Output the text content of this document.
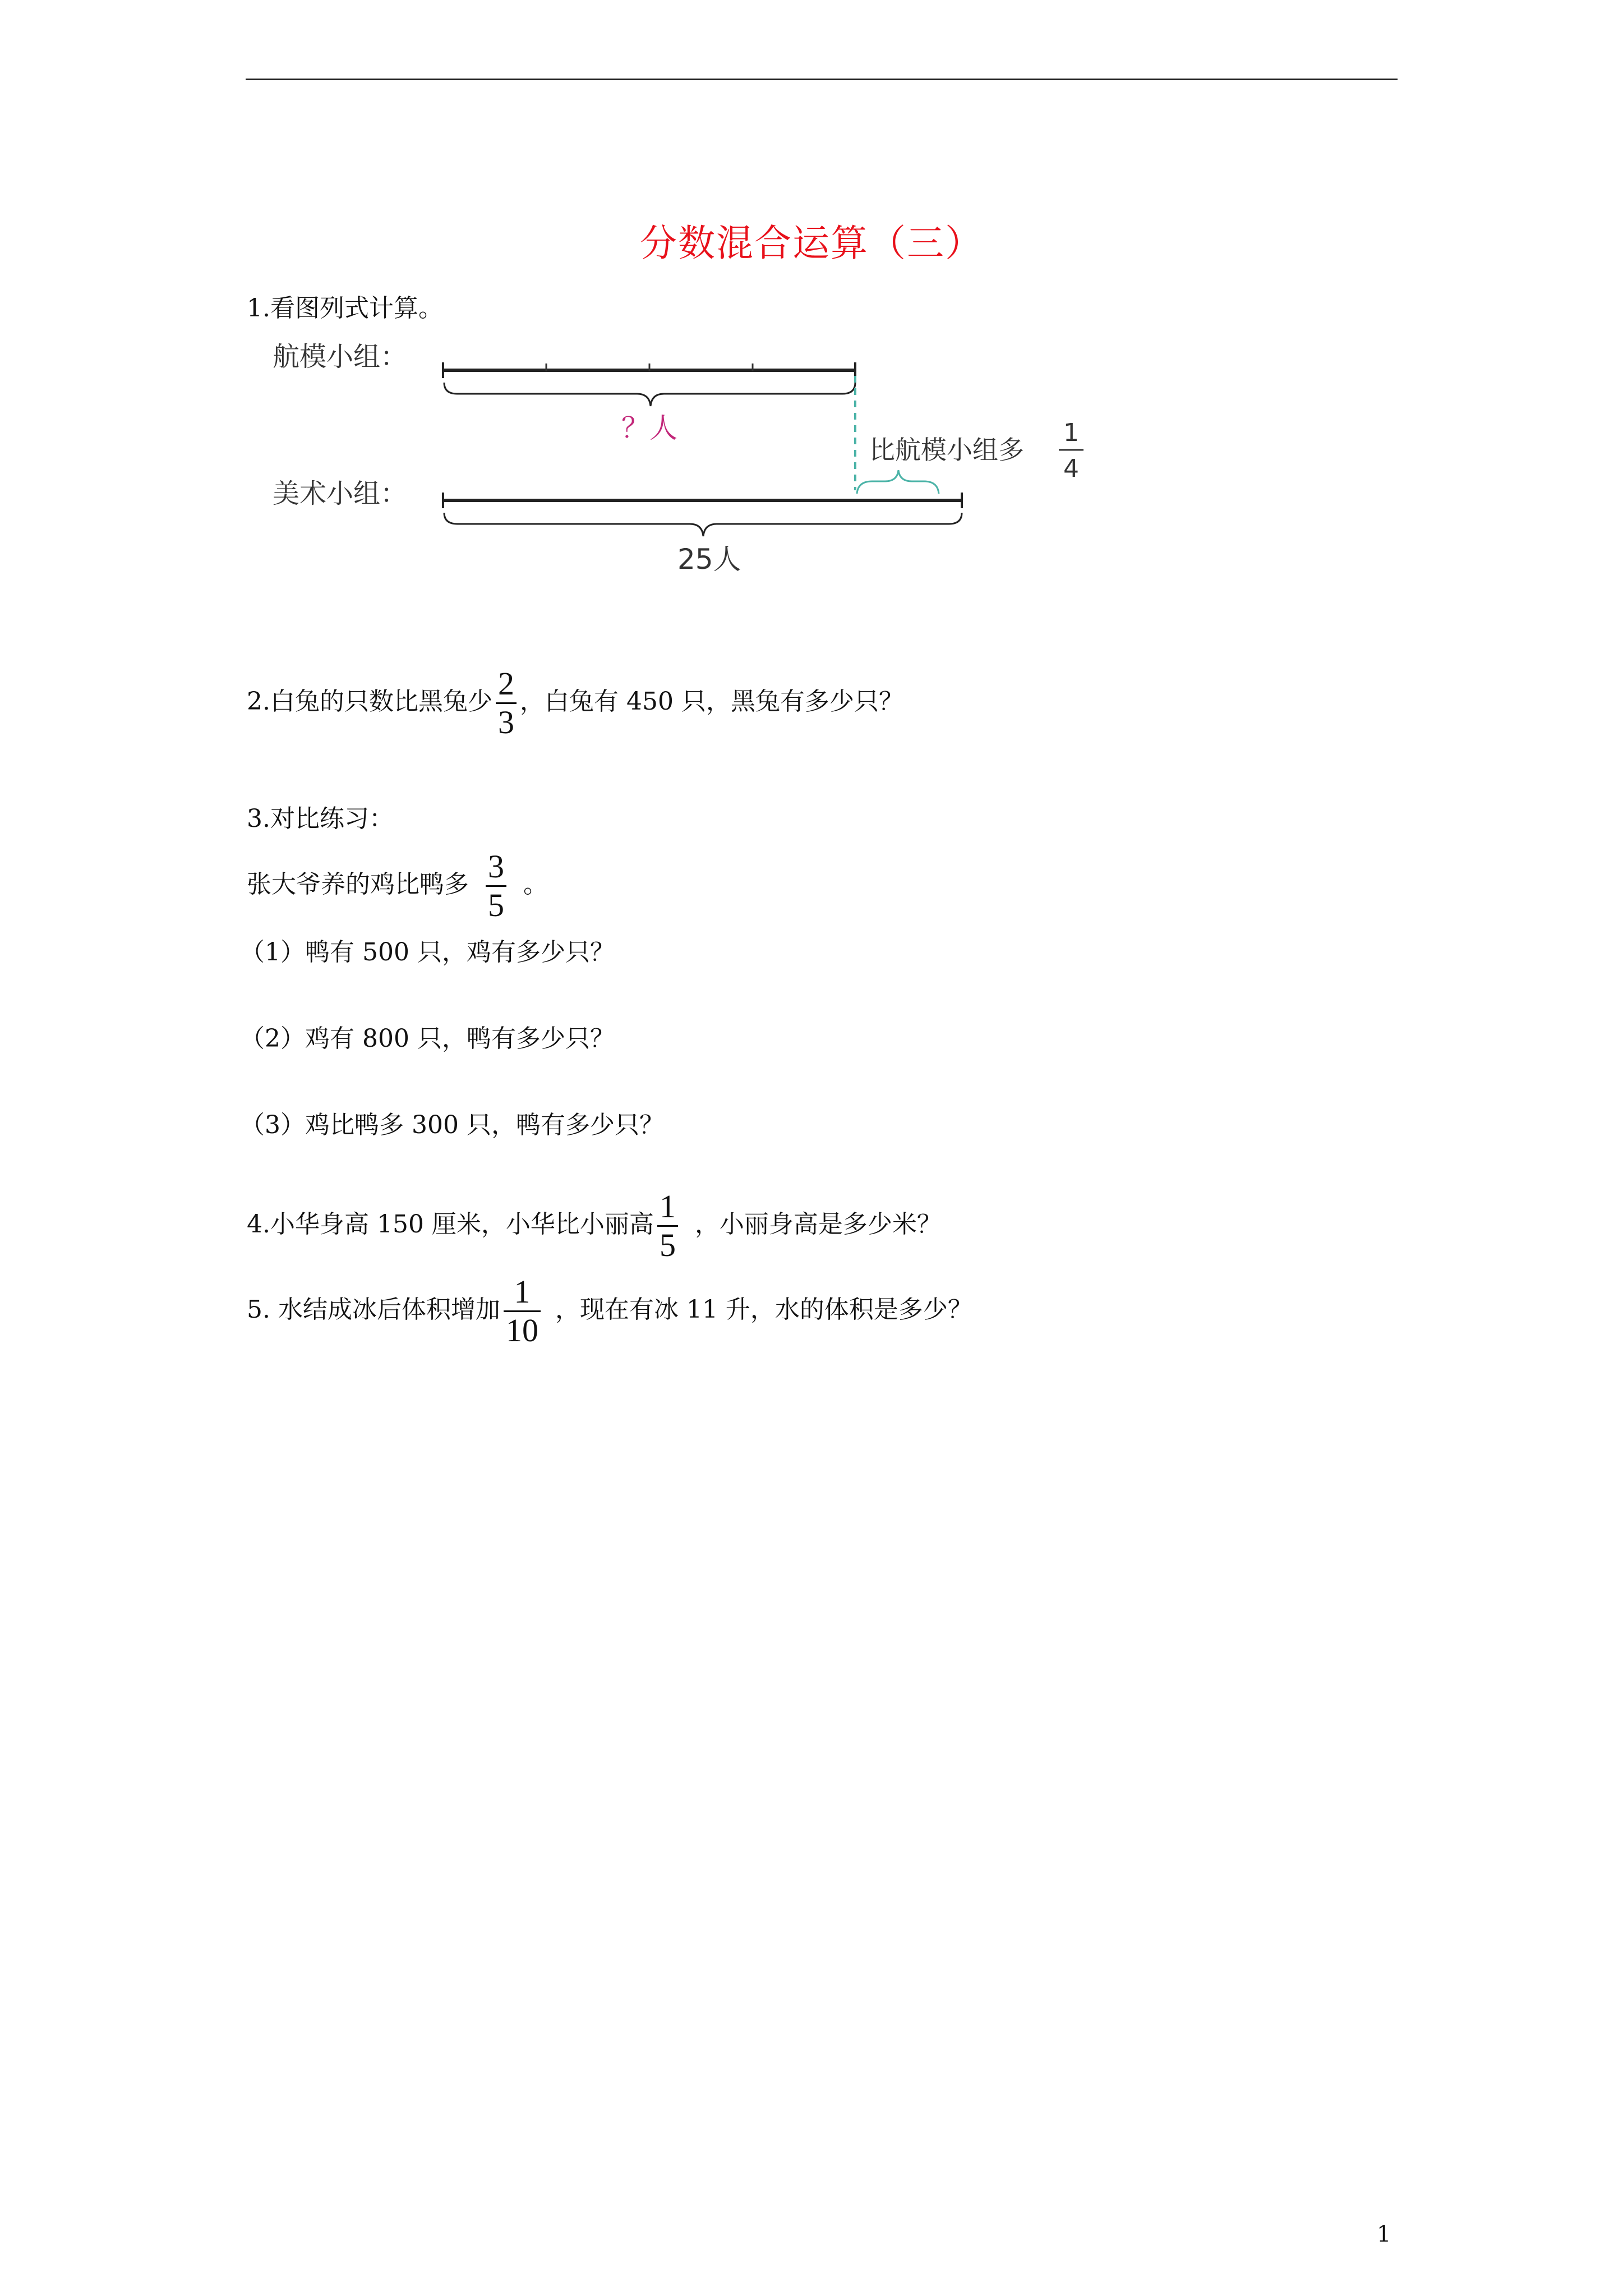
分数混合运算（三）
1.看图列式计算。
航模小组：
？人
比航模小组多
1
4
美术小组：
25人
2.白兔的只数比黑兔少 $\frac{2}{3}$ ，白兔有 450 只，黑兔有多少只？
3.对比练习：
张大爷养的鸡比鸭多 $\frac{3}{5}$ 。
（1）鸭有 500 只，鸡有多少只？
（2）鸡有 800 只，鸭有多少只？
（3）鸡比鸭多 300 只，鸭有多少只？
4.小华身高 150 厘米，小华比小丽高 $\frac{1}{5}$ ，小丽身高是多少米？
5. 水结成冰后体积增加 $\frac{1}{10}$ ，现在有冰 11 升，水的体积是多少？
1
